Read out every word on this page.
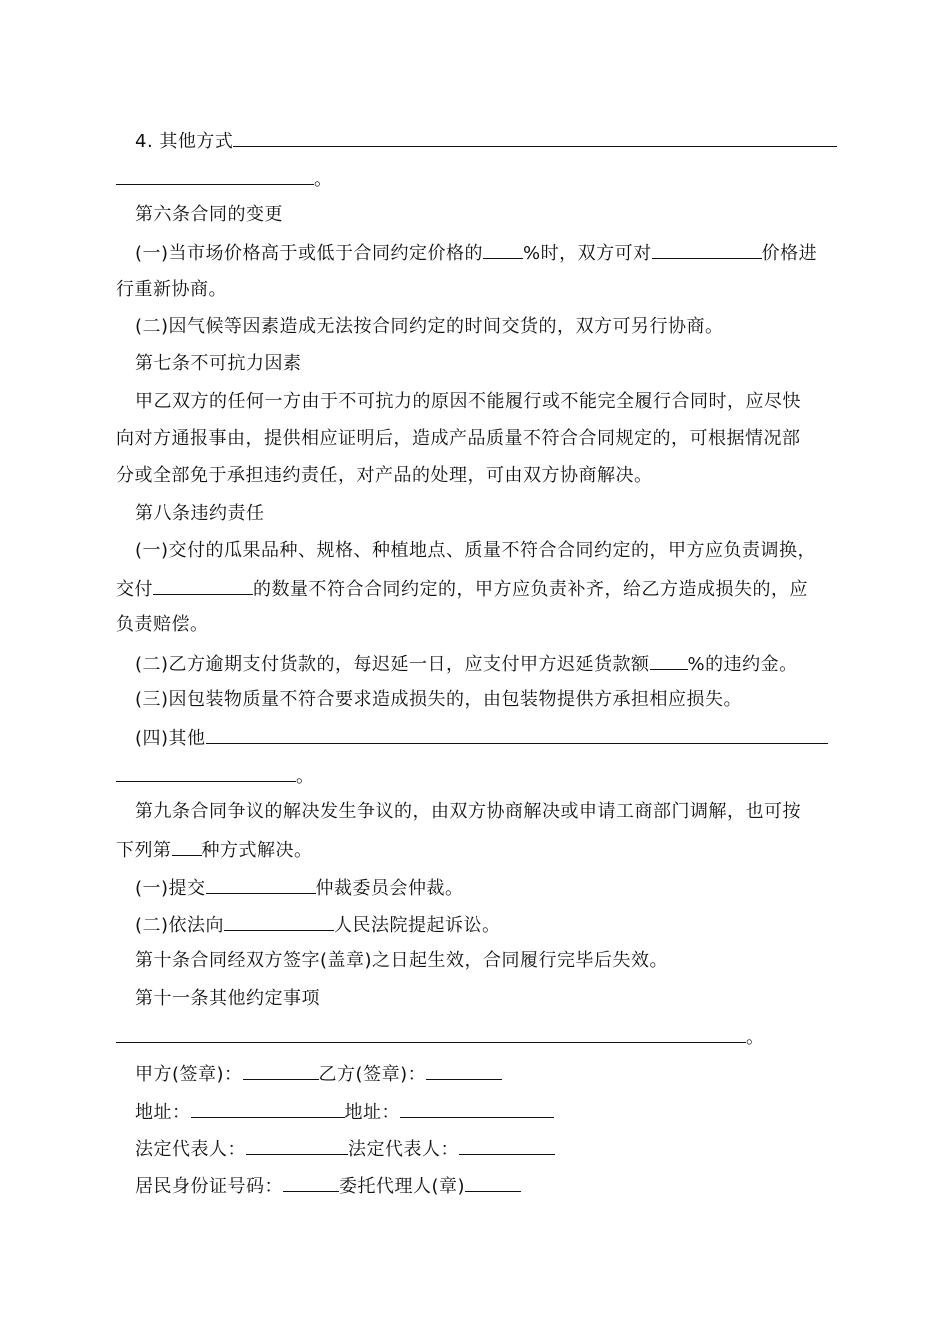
4. 其他方式
。
第六条合同的变更
(一)当市场价格高于或低于合同约定价格的 %时，双方可对	价格进
行重新协商。
(二)因气候等因素造成无法按合同约定的时间交货的，双方可另行协商。
第七条不可抗力因素
甲乙双方的任何一方由于不可抗力的原因不能履行或不能完全履行合同时，应尽快
向对方通报事由，提供相应证明后，造成产品质量不符合合同规定的，可根据情况部
分或全部免于承担违约责任，对产品的处理，可由双方协商解决。
第八条违约责任
(一)交付的瓜果品种、规格、种植地点、质量不符合合同约定的，甲方应负责调换，
交付	的数量不符合合同约定的，甲方应负责补齐，给乙方造成损失的，应
负责赔偿。
(二)乙方逾期支付货款的，每迟延一日，应支付甲方迟延货款额 %的违约金。
(三)因包装物质量不符合要求造成损失的，由包装物提供方承担相应损失。
(四)其他
。
第九条合同争议的解决发生争议的，由双方协商解决或申请工商部门调解，也可按
下列第 种方式解决。
(一)提交	仲裁委员会仲裁。
(二)依法向	人民法院提起诉讼。
第十条合同经双方签字(盖章)之日起生效，合同履行完毕后失效。
第十一条其他约定事项
。
甲方(签章)：	乙方(签章)：
地址：	地址：
法定代表人：	法定代表人：
居民身份证号码：	委托代理人(章)
